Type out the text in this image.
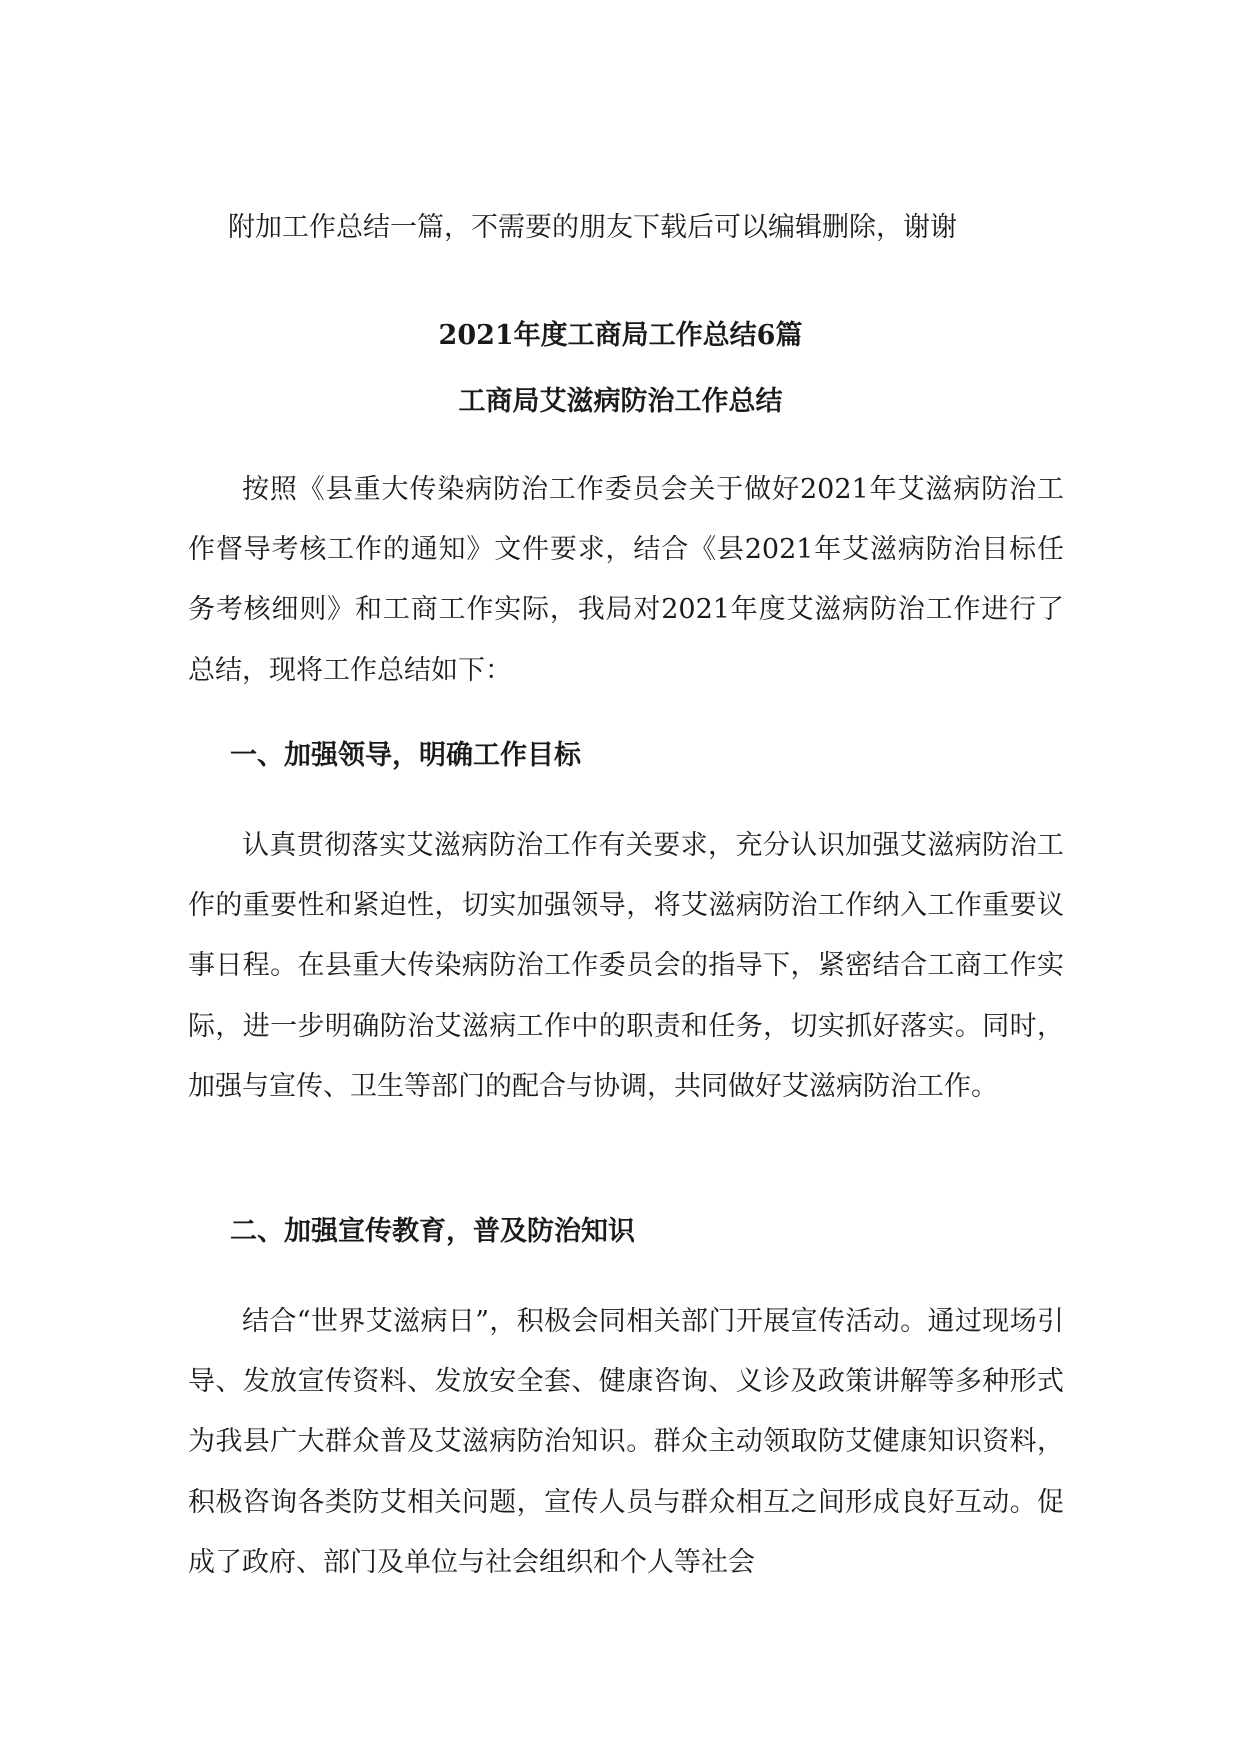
附加工作总结一篇，不需要的朋友下载后可以编辑删除，谢谢
2021年度工商局工作总结6篇
工商局艾滋病防治工作总结
按照《县重大传染病防治工作委员会关于做好2021年艾滋病防治工作督导考核工作的通知》文件要求，结合《县2021年艾滋病防治目标任务考核细则》和工商工作实际，我局对2021年度艾滋病防治工作进行了总结，现将工作总结如下：
一、加强领导，明确工作目标
认真贯彻落实艾滋病防治工作有关要求，充分认识加强艾滋病防治工作的重要性和紧迫性，切实加强领导，将艾滋病防治工作纳入工作重要议事日程。在县重大传染病防治工作委员会的指导下，紧密结合工商工作实际，进一步明确防治艾滋病工作中的职责和任务，切实抓好落实。同时，加强与宣传、卫生等部门的配合与协调，共同做好艾滋病防治工作。
二、加强宣传教育，普及防治知识
结合“世界艾滋病日”，积极会同相关部门开展宣传活动。通过现场引导、发放宣传资料、发放安全套、健康咨询、义诊及政策讲解等多种形式为我县广大群众普及艾滋病防治知识。群众主动领取防艾健康知识资料，积极咨询各类防艾相关问题，宣传人员与群众相互之间形成良好互动。促成了政府、部门及单位与社会组织和个人等社会
